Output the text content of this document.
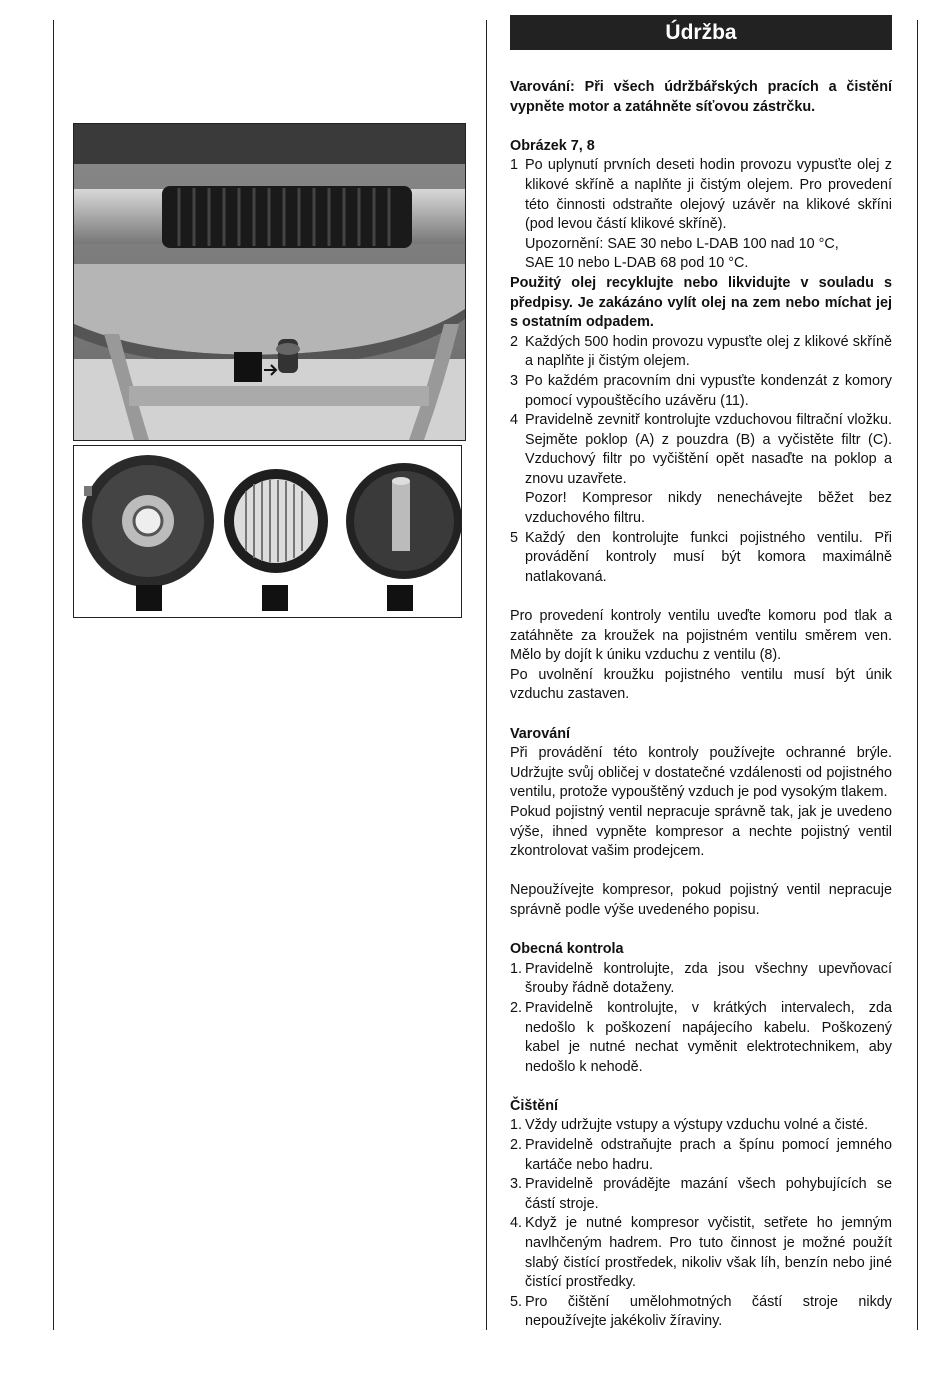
Údržba

Varování: Při všech údržbářských pracích a čistění vypněte motor a zatáhněte síťovou zástrčku.

Obrázek 7, 8

1 Po uplynutí prvních deseti hodin provozu vypusťte olej z klikové skříně a naplňte ji čistým olejem. Pro provedení této činnosti odstraňte olejový uzávěr na klikové skříni (pod levou částí klikové skříně).

Upozornění: SAE 30 nebo L-DAB 100 nad 10 °C,

SAE 10 nebo L-DAB 68 pod 10 °C.

Použitý olej recyklujte nebo likvidujte v souladu s předpisy. Je zakázáno vylít olej na zem nebo míchat jej s ostatním odpadem.

2 Každých 500 hodin provozu vypusťte olej z klikové skříně a naplňte ji čistým olejem.
3 Po každém pracovním dni vypusťte kondenzát z komory pomocí vypouštěcího uzávěru (11).
4 Pravidelně zevnitř kontrolujte vzduchovou filtrační vložku. Sejměte poklop (A) z pouzdra (B) a vyčistěte filtr (C). Vzduchový filtr po vyčištění opět nasaďte na poklop a znovu uzavřete.

Pozor! Kompresor nikdy nenechávejte běžet bez vzduchového filtru.

5 Každý den kontrolujte funkci pojistného ventilu. Při provádění kontroly musí být komora maximálně natlakovaná.

Pro provedení kontroly ventilu uveďte komoru pod tlak a zatáhněte za kroužek na pojistném ventilu směrem ven. Mělo by dojít k úniku vzduchu z ventilu (8).

Po uvolnění kroužku pojistného ventilu musí být únik vzduchu zastaven.

Varování

Při provádění této kontroly používejte ochranné brýle. Udržujte svůj obličej v dostatečné vzdálenosti od pojistného ventilu, protože vypouštěný vzduch je pod vysokým tlakem.

Pokud pojistný ventil nepracuje správně tak, jak je uvedeno výše, ihned vypněte kompresor a nechte pojistný ventil zkontrolovat vašim prodejcem.

Nepoužívejte kompresor, pokud pojistný ventil nepracuje správně podle výše uvedeného popisu.

Obecná kontrola

1. Pravidelně kontrolujte, zda jsou všechny upevňovací šrouby řádně dotaženy.
2. Pravidelně kontrolujte, v krátkých intervalech, zda nedošlo k poškození napájecího kabelu. Poškozený kabel je nutné nechat vyměnit elektrotechnikem, aby nedošlo k nehodě.

Čištění

1. Vždy udržujte vstupy a výstupy vzduchu volné a čisté.
2. Pravidelně odstraňujte prach a špínu pomocí jemného kartáče nebo hadru.
3. Pravidelně provádějte mazání všech pohybujících se částí stroje.
4. Když je nutné kompresor vyčistit, setřete ho jemným navlhčeným hadrem. Pro tuto činnost je možné použít slabý čistící prostředek, nikoliv však líh, benzín nebo jiné čistící prostředky.
5. Pro čištění umělohmotných částí stroje nikdy nepoužívejte jakékoliv žíraviny.
